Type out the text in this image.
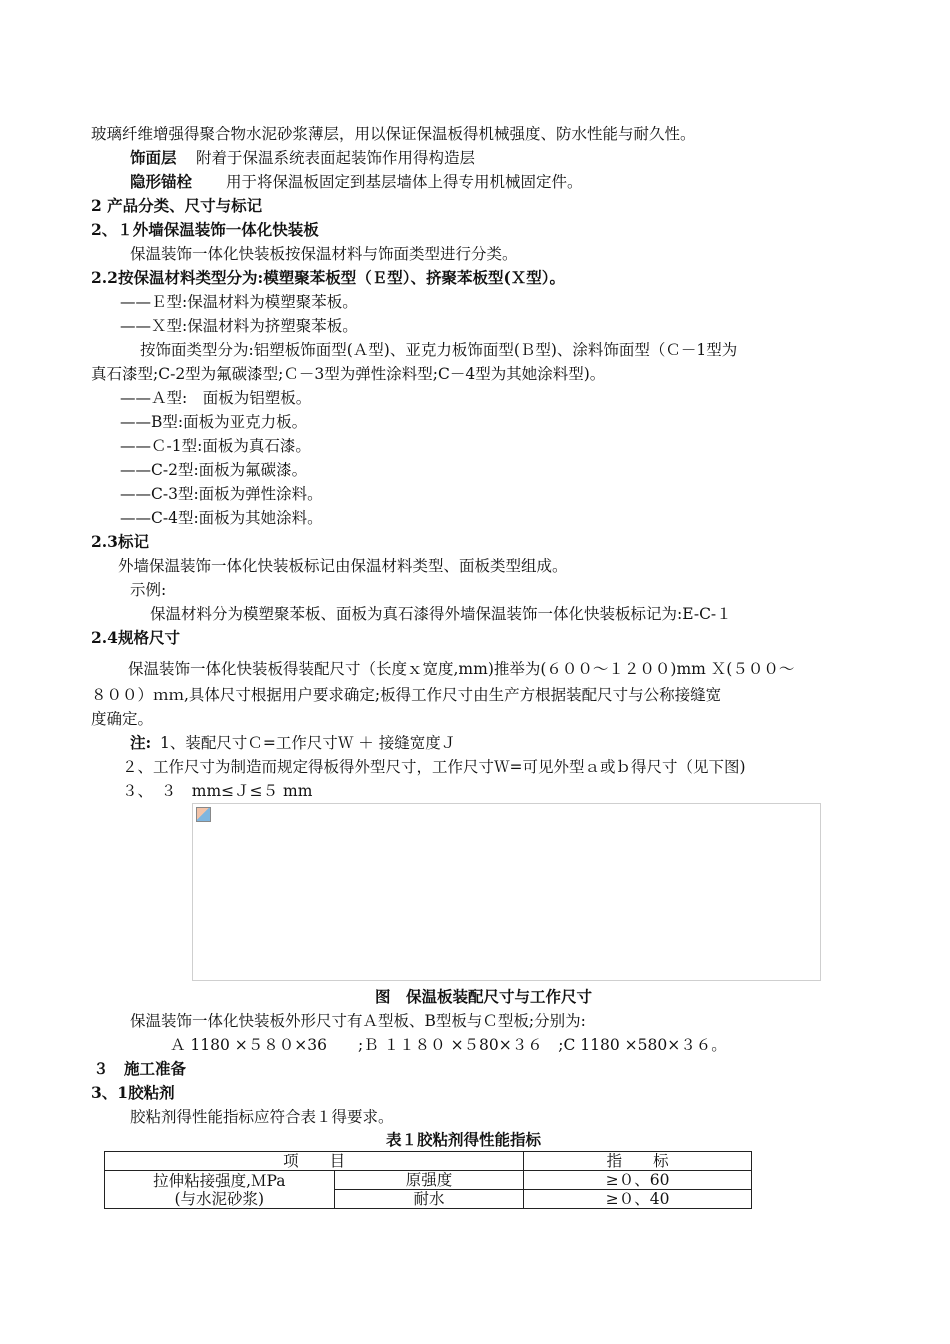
玻璃纤维增强得聚合物水泥砂浆薄层，用以保证保温板得机械强度、防水性能与耐久性。
饰面层 附着于保温系统表面起装饰作用得构造层
隐形锚栓 用于将保温板固定到基层墙体上得专用机械固定件。
2 产品分类、尺寸与标记
2、１外墙保温装饰一体化快装板
保温装饰一体化快装板按保温材料与饰面类型进行分类。
2.2按保温材料类型分为:模塑聚苯板型（Ｅ型）、挤聚苯板型(Ｘ型）。
——Ｅ型:保温材料为模塑聚苯板。
——Ｘ型:保温材料为挤塑聚苯板。
按饰面类型分为:铝塑板饰面型(Ａ型)、亚克力板饰面型(Ｂ型)、涂料饰面型（Ｃ－1型为
真石漆型;C-2型为氟碳漆型;Ｃ－3型为弹性涂料型;C－4型为其她涂料型)。
——Ａ型:　面板为铝塑板。
——B型:面板为亚克力板。
——Ｃ-1型:面板为真石漆。
——C-2型:面板为氟碳漆。
——C-3型:面板为弹性涂料。
——C-4型:面板为其她涂料。
2.3标记
外墙保温装饰一体化快装板标记由保温材料类型、面板类型组成。
示例:
保温材料分为模塑聚苯板、面板为真石漆得外墙保温装饰一体化快装板标记为:E-C-１
2.4规格尺寸
保温装饰一体化快装板得装配尺寸（长度ｘ宽度,mm)推举为(６００～１２００)mm Ｘ(５００～
８００）ｍｍ,具体尺寸根据用户要求确定;板得工作尺寸由生产方根据装配尺寸与公称接缝宽
度确定。
注: 1、装配尺寸Ｃ=工作尺寸Ｗ ＋ 接缝宽度Ｊ
２、工作尺寸为制造而规定得板得外型尺寸，工作尺寸Ｗ=可见外型ａ或ｂ得尺寸（见下图)
３、　３　mm≤Ｊ≤５ mm
图　保温板装配尺寸与工作尺寸
保温装饰一体化快装板外形尺寸有Ａ型板、B型板与Ｃ型板;分别为:
Ａ 1180 ×５８０×36　　;Ｂ １１８０ ×５80×３６　;C 1180 ×580×３６。
３　施工准备
3、1胶粘剂
胶粘剂得性能指标应符合表１得要求。
表１胶粘剂得性能指标
项　　目		指　　标

拉伸粘接强度,ＭPa
(与水泥砂浆)	原强度	≥０、60
	耐水	≥０、40
